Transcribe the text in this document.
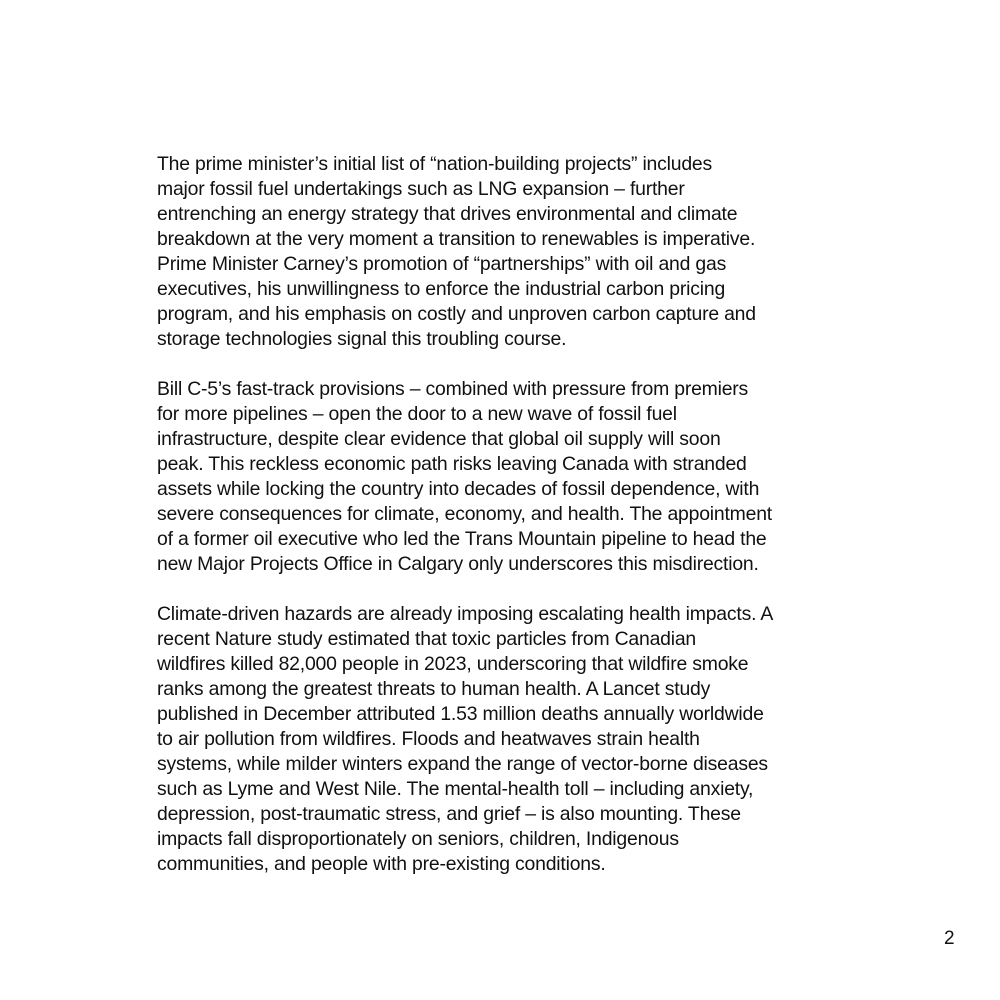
The prime minister’s initial list of “nation-building projects” includes
major fossil fuel undertakings such as LNG expansion – further
entrenching an energy strategy that drives environmental and climate
breakdown at the very moment a transition to renewables is imperative.
Prime Minister Carney’s promotion of “partnerships” with oil and gas
executives, his unwillingness to enforce the industrial carbon pricing
program, and his emphasis on costly and unproven carbon capture and
storage technologies signal this troubling course.

Bill C-5’s fast-track provisions – combined with pressure from premiers
for more pipelines – open the door to a new wave of fossil fuel
infrastructure, despite clear evidence that global oil supply will soon
peak. This reckless economic path risks leaving Canada with stranded
assets while locking the country into decades of fossil dependence, with
severe consequences for climate, economy, and health. The appointment
of a former oil executive who led the Trans Mountain pipeline to head the
new Major Projects Office in Calgary only underscores this misdirection.

Climate-driven hazards are already imposing escalating health impacts. A
recent Nature study estimated that toxic particles from Canadian
wildfires killed 82,000 people in 2023, underscoring that wildfire smoke
ranks among the greatest threats to human health. A Lancet study
published in December attributed 1.53 million deaths annually worldwide
to air pollution from wildfires. Floods and heatwaves strain health
systems, while milder winters expand the range of vector-borne diseases
such as Lyme and West Nile. The mental-health toll – including anxiety,
depression, post-traumatic stress, and grief – is also mounting. These
impacts fall disproportionately on seniors, children, Indigenous
communities, and people with pre-existing conditions.

2
